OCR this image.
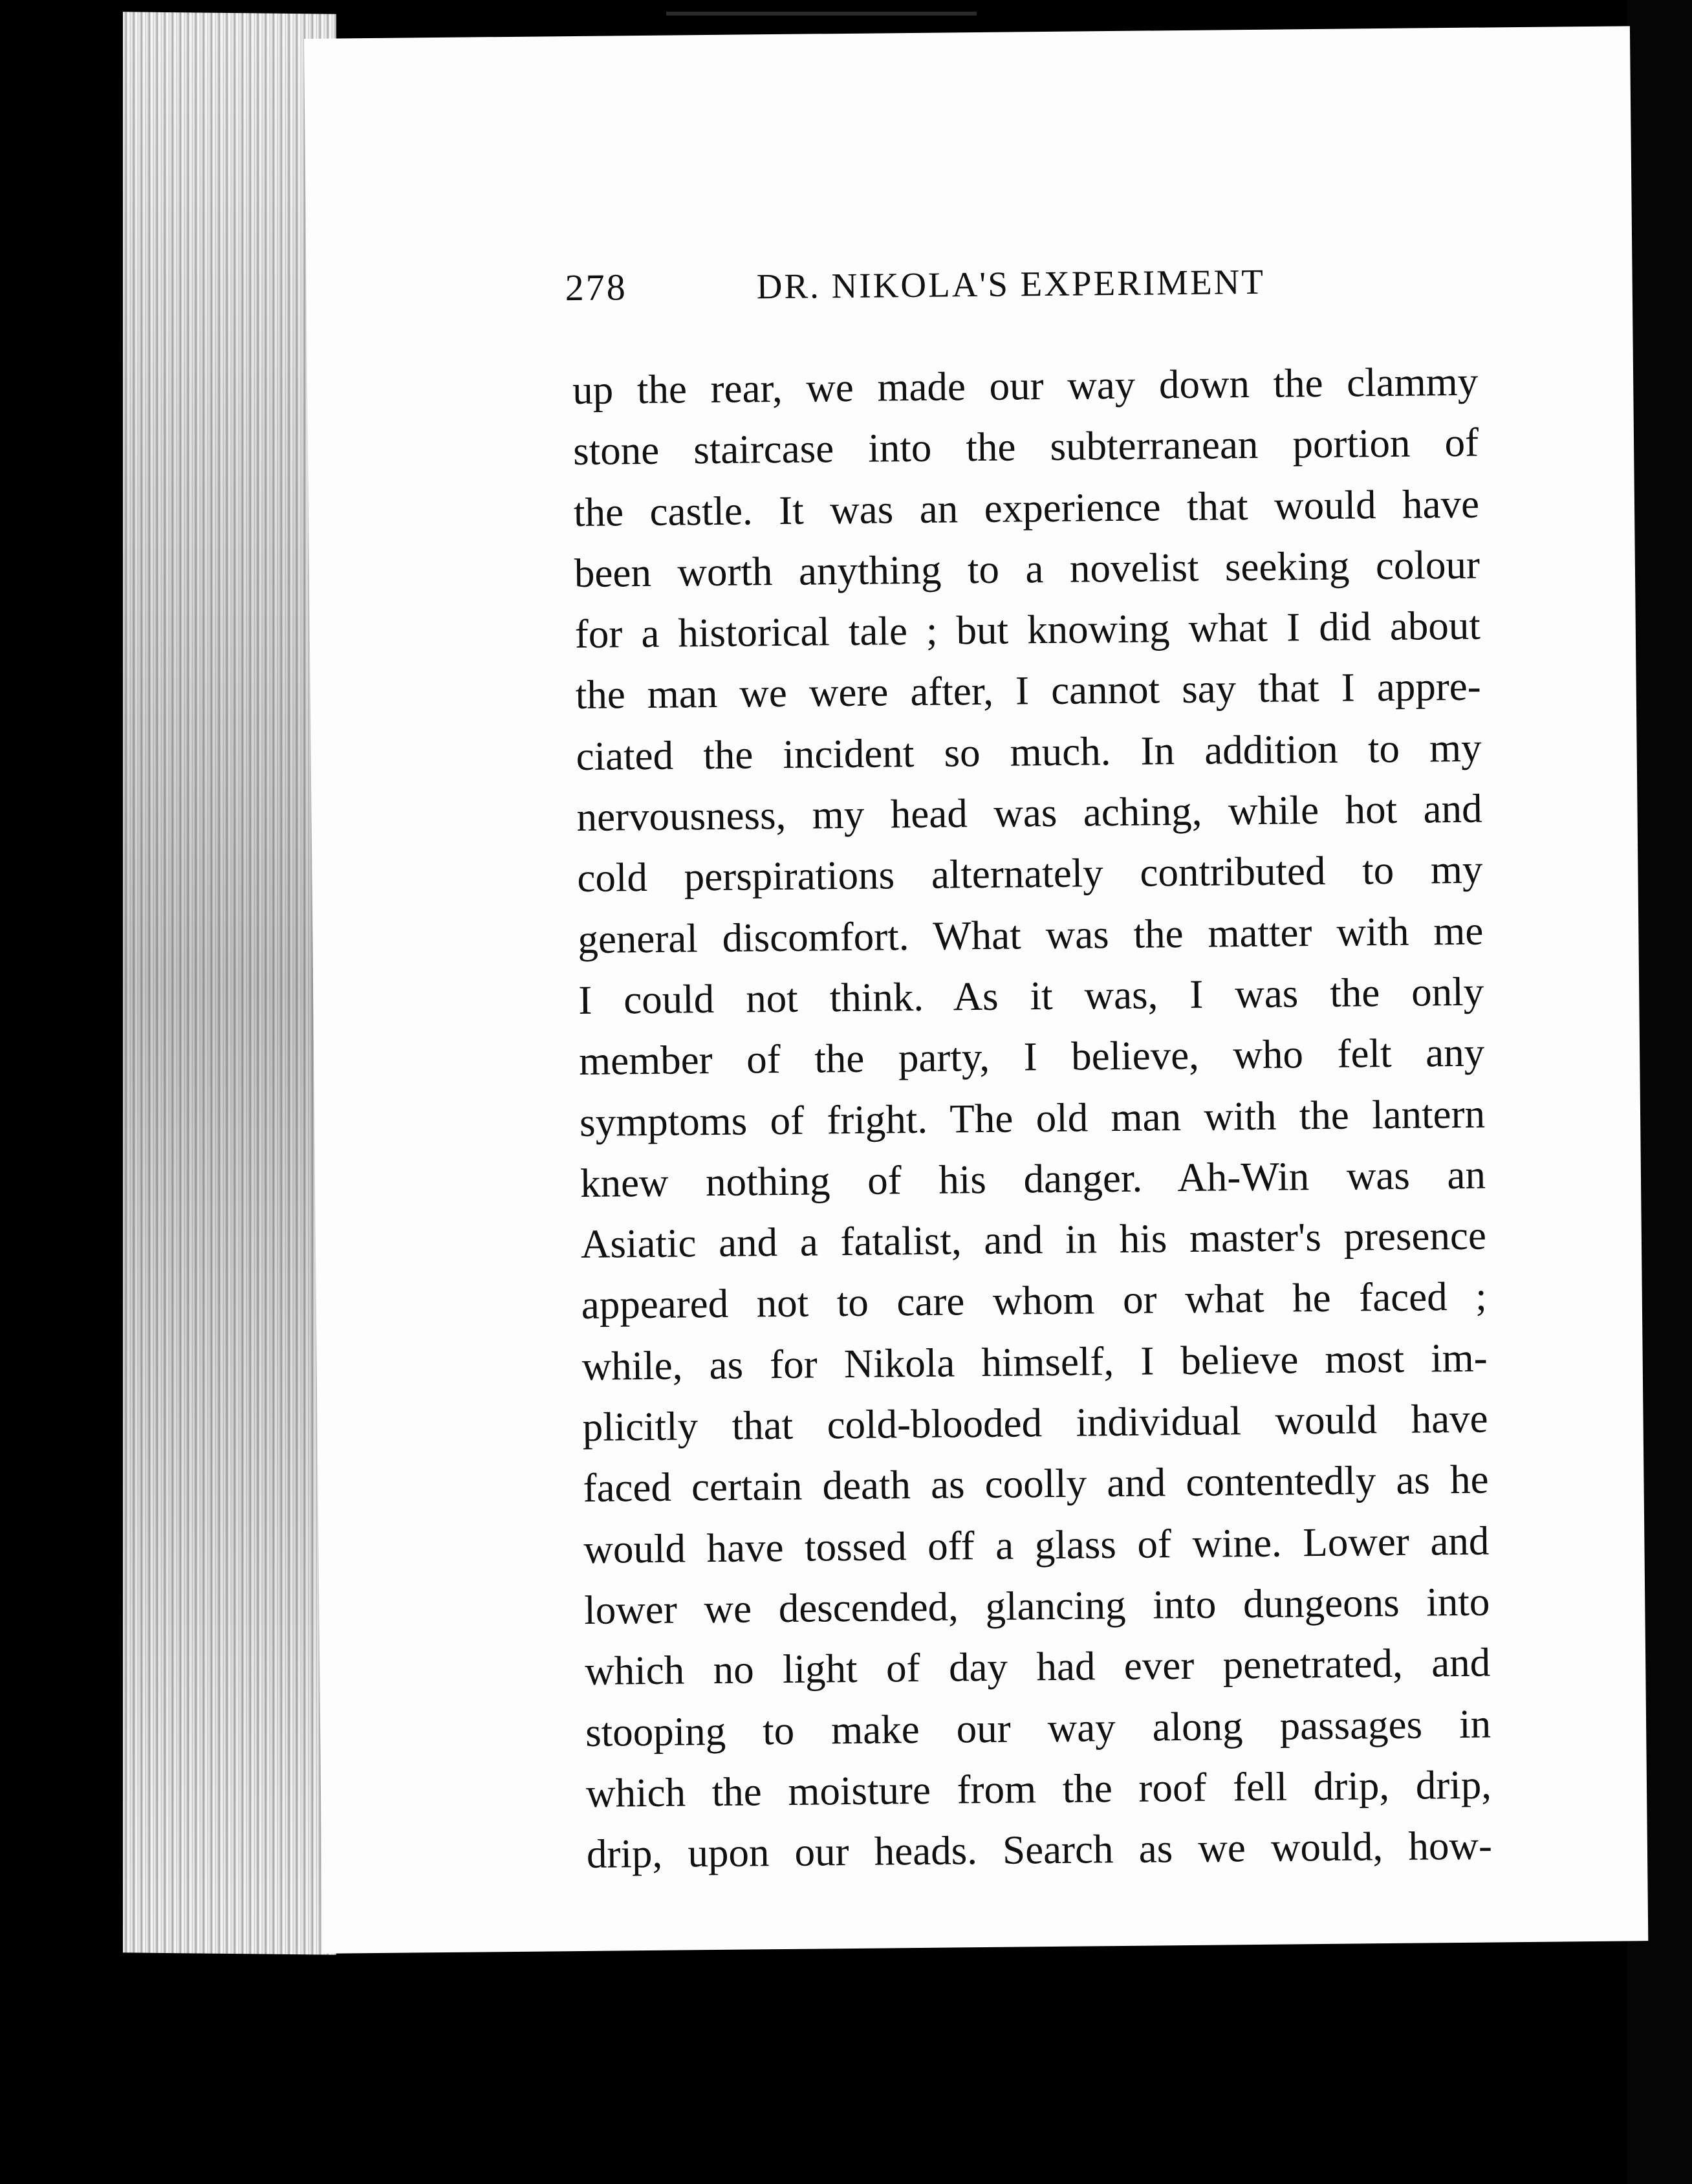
278	DR. NIKOLA'S EXPERIMENT
up the rear, we made our way down the clammy
stone staircase into the subterranean portion of
the castle. It was an experience that would have
been worth anything to a novelist seeking colour
for a historical tale ; but knowing what I did about
the man we were after, I cannot say that I appre-
ciated the incident so much. In addition to my
nervousness, my head was aching, while hot and
cold perspirations alternately contributed to my
general discomfort. What was the matter with me
I could not think. As it was, I was the only
member of the party, I believe, who felt any
symptoms of fright. The old man with the lantern
knew nothing of his danger. Ah-Win was an
Asiatic and a fatalist, and in his master's presence
appeared not to care whom or what he faced ;
while, as for Nikola himself, I believe most im-
plicitly that cold-blooded individual would have
faced certain death as coolly and contentedly as he
would have tossed off a glass of wine. Lower and
lower we descended, glancing into dungeons into
which no light of day had ever penetrated, and
stooping to make our way along passages in
which the moisture from the roof fell drip, drip,
drip, upon our heads. Search as we would, how-
